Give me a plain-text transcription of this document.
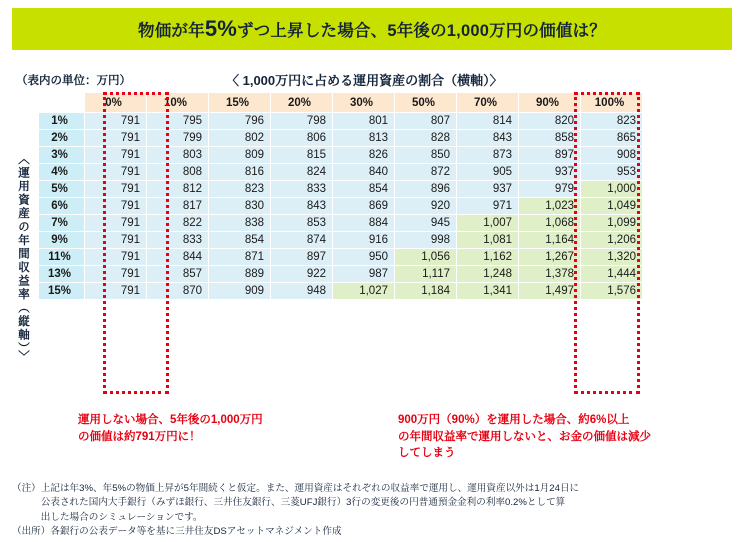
物価が年5%ずつ上昇した場合、5年後の1,000万円の価値は？
（表内の単位：万円）	〈 1,000万円に占める運用資産の割合（横軸）〉
〈運用資産の年間収益率（縦軸）〉
	0%	10%	15%	20%	30%	50%	70%	90%	100%
1%	791	795	796	798	801	807	814	820	823
2%	791	799	802	806	813	828	843	858	865
3%	791	803	809	815	826	850	873	897	908
4%	791	808	816	824	840	872	905	937	953
5%	791	812	823	833	854	896	937	979	1,000
6%	791	817	830	843	869	920	971	1,023	1,049
7%	791	822	838	853	884	945	1,007	1,068	1,099
9%	791	833	854	874	916	998	1,081	1,164	1,206
11%	791	844	871	897	950	1,056	1,162	1,267	1,320
13%	791	857	889	922	987	1,117	1,248	1,378	1,444
15%	791	870	909	948	1,027	1,184	1,341	1,497	1,576
運用しない場合、5年後の1,000万円
の価値は約791万円に！
900万円（90%）を運用した場合、約6%以上
の年間収益率で運用しないと、お金の価値は減少
してしまう
（注） 上記は年3%、年5%の物価上昇が5年間続くと仮定。また、運用資産はそれぞれの収益率で運用し、運用資産以外は1月24日に
公表された国内大手銀行（みずほ銀行、三井住友銀行、三菱UFJ銀行）3行の変更後の円普通預金金利の利率0.2%として算
出した場合のシミュレーションです。
（出所） 各銀行の公表データ等を基に三井住友DSアセットマネジメント作成
